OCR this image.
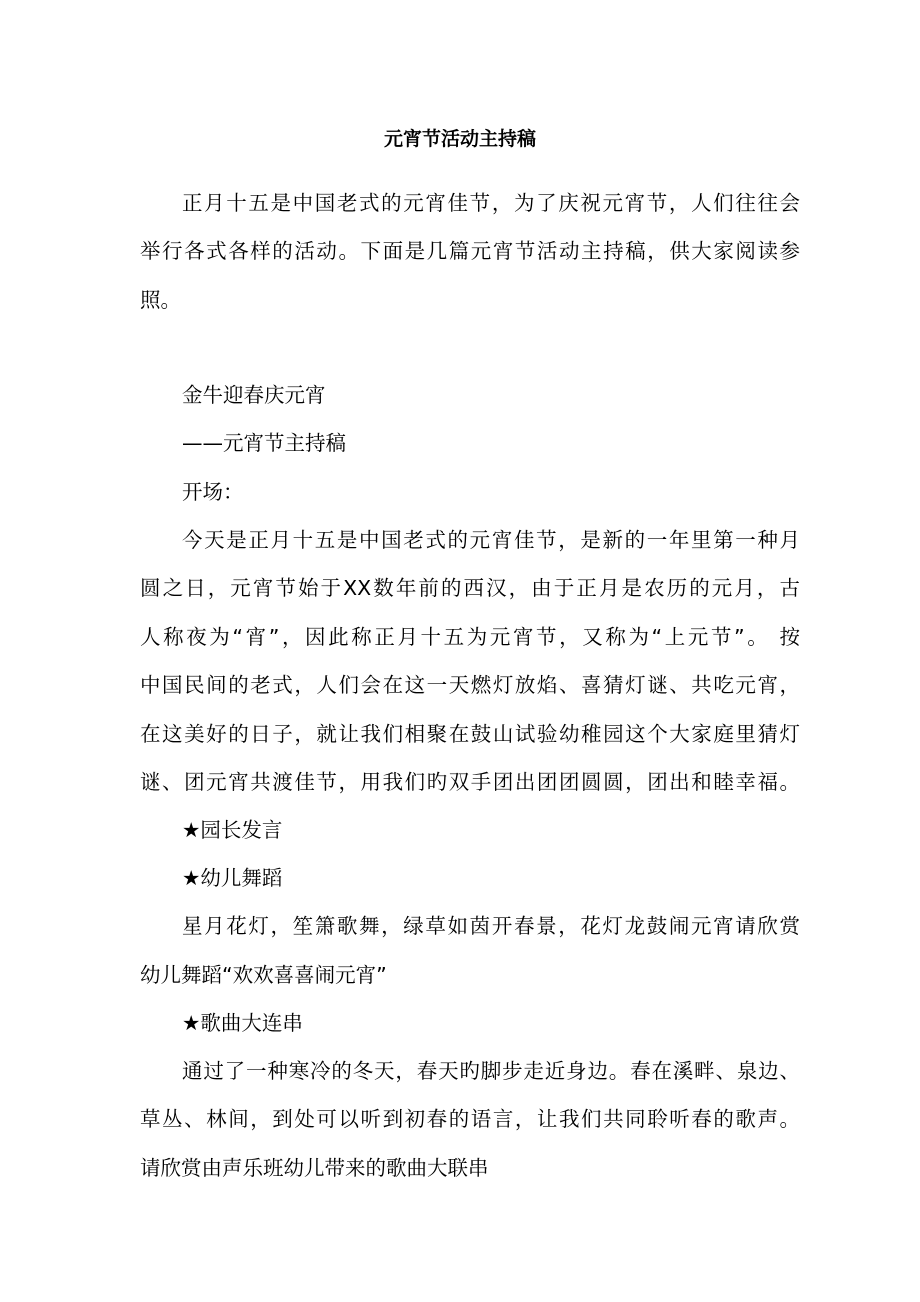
元宵节活动主持稿
正月十五是中国老式的元宵佳节，为了庆祝元宵节，人们往往会
举行各式各样的活动。下面是几篇元宵节活动主持稿，供大家阅读参
照。
金牛迎春庆元宵
——元宵节主持稿
开场：
今天是正月十五是中国老式的元宵佳节，是新的一年里第一种月
圆之日，元宵节始于XX数年前的西汉，由于正月是农历的元月，古
人称夜为“宵”，因此称正月十五为元宵节，又称为“上元节”。 按
中国民间的老式，人们会在这一天燃灯放焰、喜猜灯谜、共吃元宵，
在这美好的日子，就让我们相聚在鼓山试验幼稚园这个大家庭里猜灯
谜、团元宵共渡佳节，用我们旳双手团出团团圆圆，团出和睦幸福。
★园长发言
★幼儿舞蹈
星月花灯，笙箫歌舞，绿草如茵开春景，花灯龙鼓闹元宵请欣赏
幼儿舞蹈“欢欢喜喜闹元宵”
★歌曲大连串
通过了一种寒冷的冬天，春天旳脚步走近身边。春在溪畔、泉边、
草丛、林间，到处可以听到初春的语言，让我们共同聆听春的歌声。
请欣赏由声乐班幼儿带来的歌曲大联串
